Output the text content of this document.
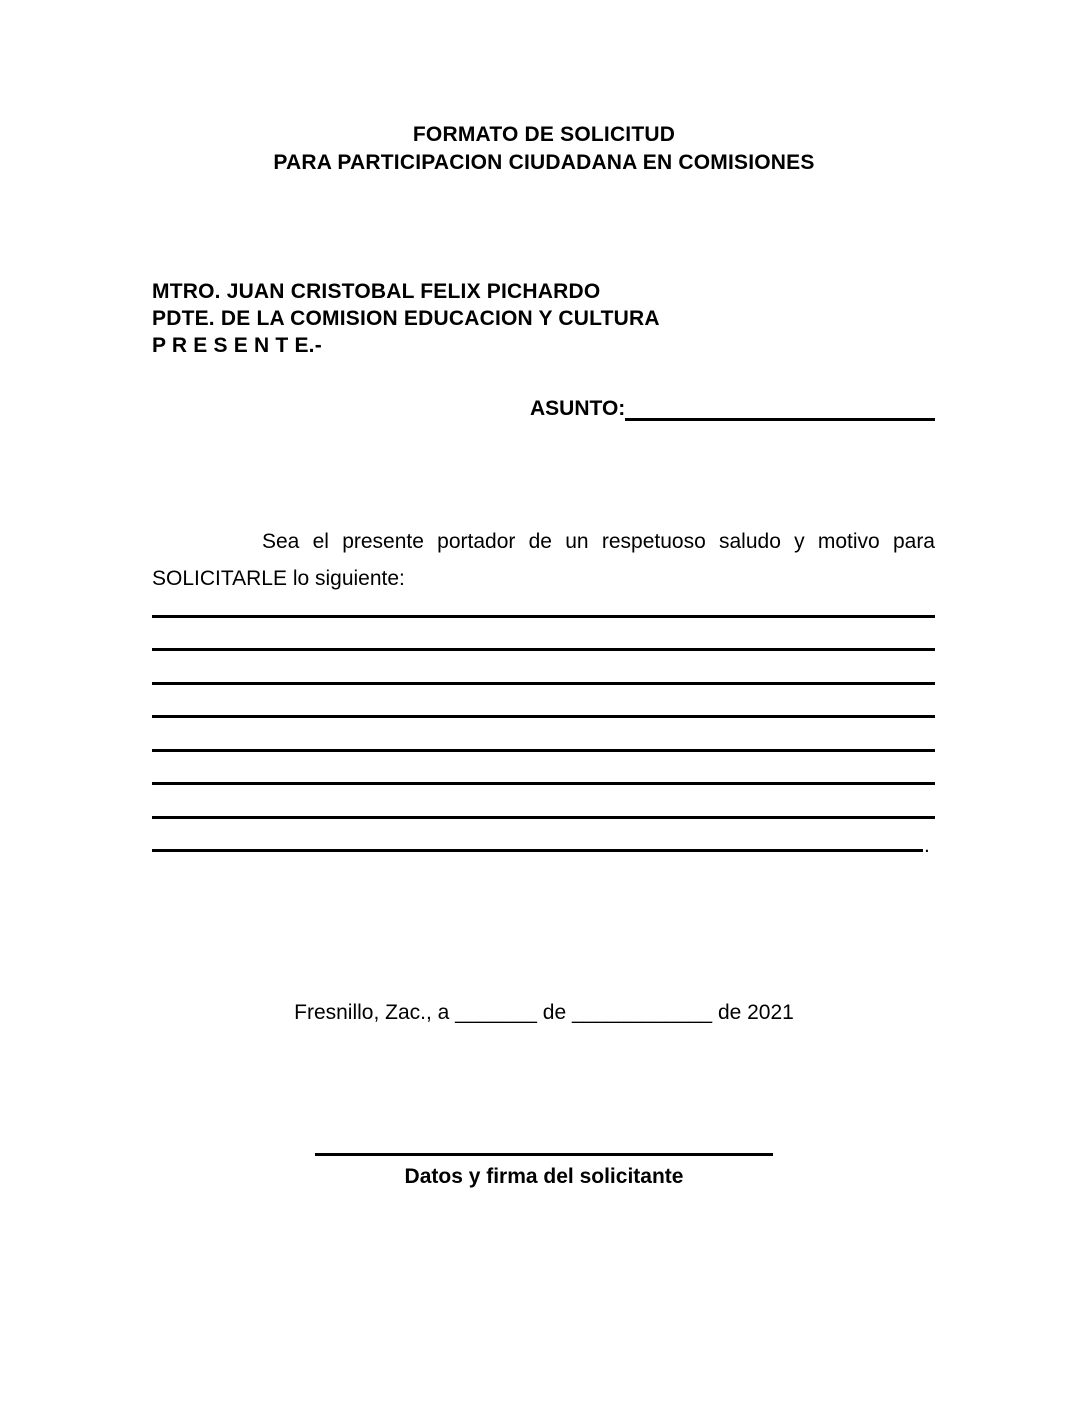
FORMATO DE SOLICITUD
PARA PARTICIPACION CIUDADANA EN COMISIONES
MTRO. JUAN CRISTOBAL FELIX PICHARDO
PDTE. DE LA COMISION EDUCACION Y CULTURA
P R E S E N T E.-
ASUNTO:
Sea el presente portador de un respetuoso saludo y motivo para
SOLICITARLE lo siguiente:
.
Fresnillo, Zac., a _______ de ____________ de 2021
Datos y firma del solicitante
